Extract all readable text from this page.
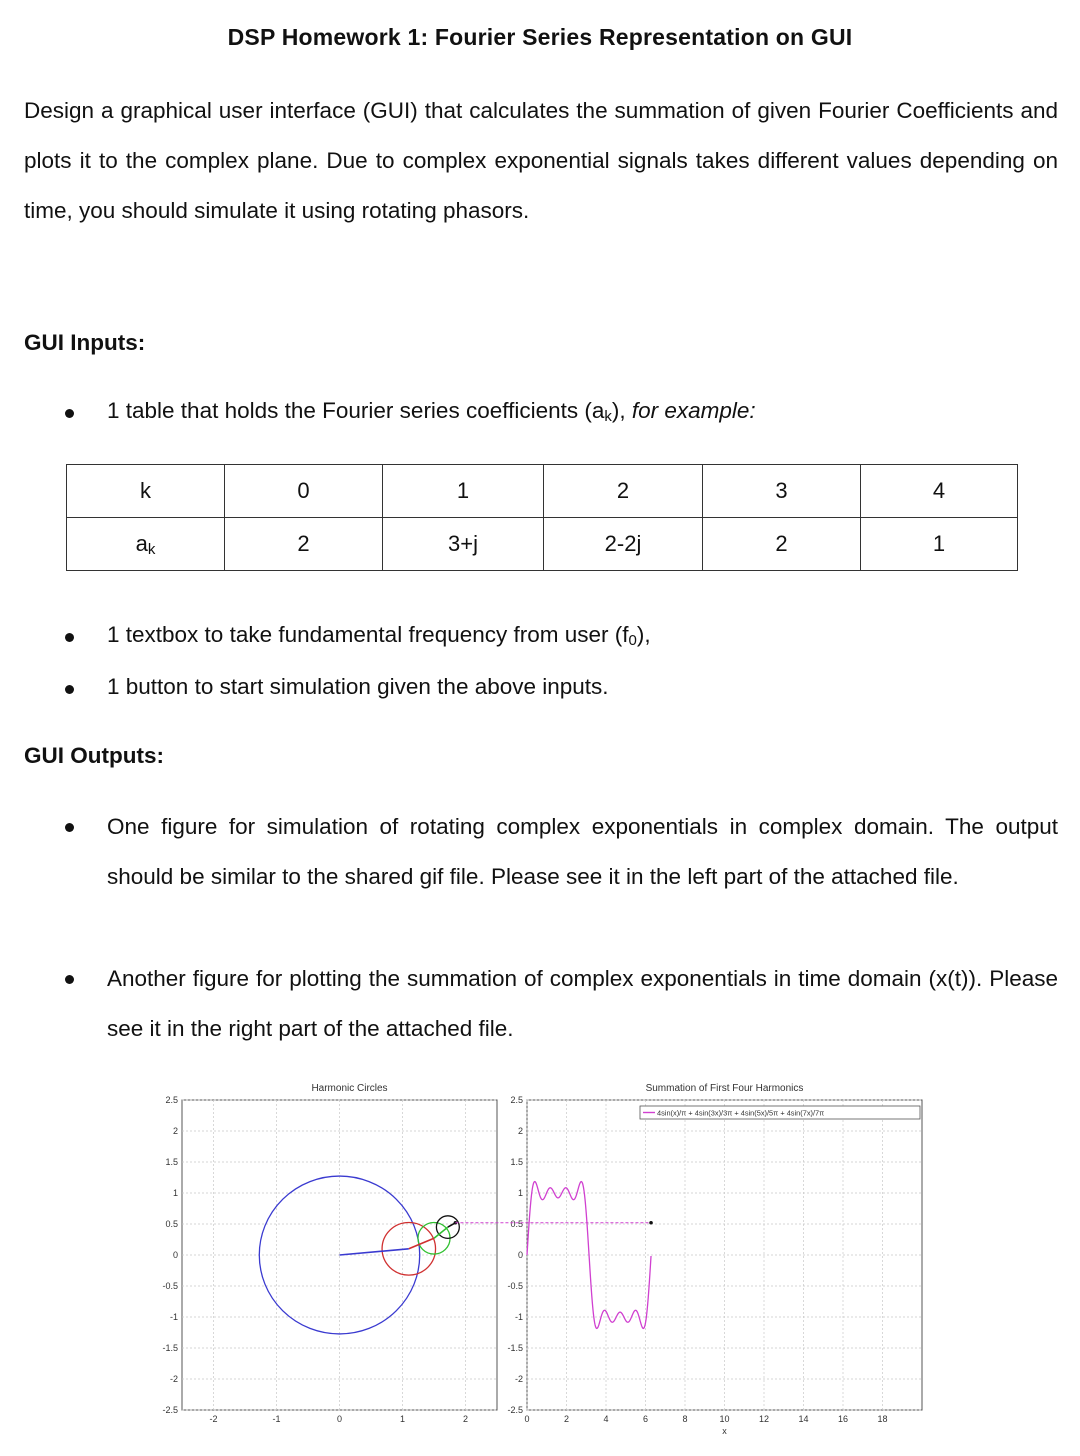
DSP Homework 1: Fourier Series Representation on GUI
Design a graphical user interface (GUI) that calculates the summation of given Fourier Coefficients and plots it to the complex plane. Due to complex exponential signals takes different values depending on time, you should simulate it using rotating phasors.
GUI Inputs:
1 table that holds the Fourier series coefficients $(a_k)$, for example:
k	0	1	2	3	4
$a_k$	2	3+j	2-2j	2	1
1 textbox to take fundamental frequency from user $(f_0)$,
1 button to start simulation given the above inputs.
GUI Outputs:
One figure for simulation of rotating complex exponentials in complex domain. The output should be similar to the shared gif file. Please see it in the left part of the attached file.
Another figure for plotting the summation of complex exponentials in time domain (x(t)). Please see it in the right part of the attached file.
2.5
2
1.5
1
0.5
0
-0.5
-1
-1.5
-2
-2.5
-2	-1	0	1	2
Harmonic Circles
2.5
2
1.5
1
0.5
0
-0.5
-1
-1.5
-2
-2.5
0	2	4	6	8	10	12	14	16	18
Summation of First Four Harmonics
x
4sin(x)/π + 4sin(3x)/3π + 4sin(5x)/5π + 4sin(7x)/7π
